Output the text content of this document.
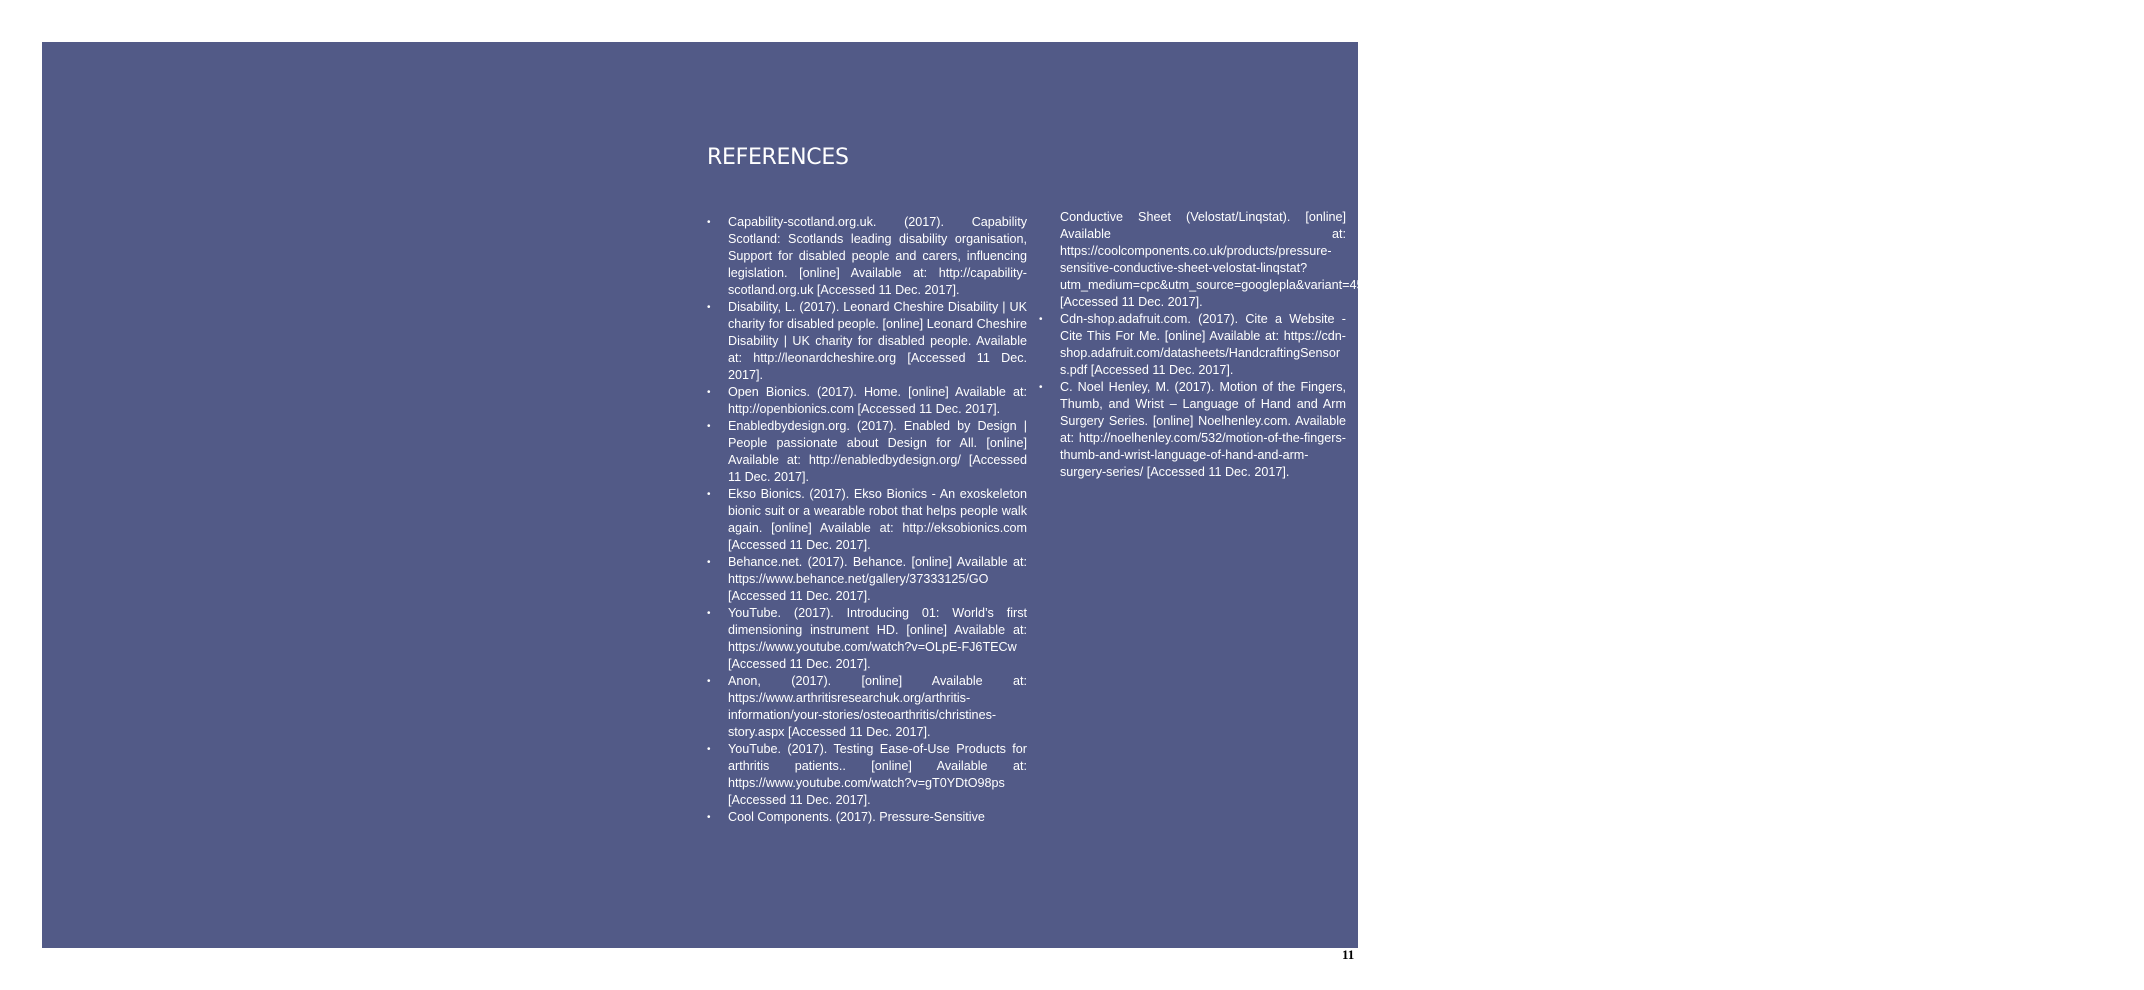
REFERENCES
• Capability-scotland.org.uk. (2017). Capability Scotland: Scotlands leading disability organisation, Support for disabled people and carers, influencing legislation. [online] Available at: http://capability-scotland.org.uk [Accessed 11 Dec. 2017].
• Disability, L. (2017). Leonard Cheshire Disability | UK charity for disabled people. [online] Leonard Cheshire Disability | UK charity for disabled people. Available at: http://leonardcheshire.org [Accessed 11 Dec. 2017].
• Open Bionics. (2017). Home. [online] Available at: http://openbionics.com [Accessed 11 Dec. 2017].
• Enabledbydesign.org. (2017). Enabled by Design | People passionate about Design for All. [online] Available at: http://enabledbydesign.org/ [Accessed 11 Dec. 2017].
• Ekso Bionics. (2017). Ekso Bionics - An exoskeleton bionic suit or a wearable robot that helps people walk again. [online] Available at: http://eksobionics.com [Accessed 11 Dec. 2017].
• Behance.net. (2017). Behance. [online] Available at: https://www.behance.net/gallery/37333125/GO [Accessed 11 Dec. 2017].
• YouTube. (2017). Introducing 01: World’s first dimensioning instrument HD. [online] Available at: https://www.youtube.com/watch?v=OLpE-FJ6TECw [Accessed 11 Dec. 2017].
• Anon, (2017). [online] Available at: https://www.arthritisresearchuk.org/arthritis-information/your-stories/osteoarthritis/christines-story.aspx [Accessed 11 Dec. 2017].
• YouTube. (2017). Testing Ease-of-Use Products for arthritis patients.. [online] Available at: https://www.youtube.com/watch?v=gT0YDtO98ps [Accessed 11 Dec. 2017].
• Cool Components. (2017). Pressure-Sensitive
Conductive Sheet (Velostat/Linqstat). [online] Available at: https://coolcomponents.co.uk/products/pressure-sensitive-conductive-sheet-velostat-linqstat?utm_medium=cpc&utm_source=googlepla&variant=45222917774&gclid=CjwKCAjwj8bPBRBiEiwASlFLFfOwGP7JZezIWRfds2atTAYaD0xvmCRkwjoUXS0Zi95NBSMsFQq_kBoCWcwQAvD_BwE [Accessed 11 Dec. 2017].
• Cdn-shop.adafruit.com. (2017). Cite a Website - Cite This For Me. [online] Available at: https://cdn-shop.adafruit.com/datasheets/HandcraftingSensors.pdf [Accessed 11 Dec. 2017].
• C. Noel Henley, M. (2017). Motion of the Fingers, Thumb, and Wrist – Language of Hand and Arm Surgery Series. [online] Noelhenley.com. Available at: http://noelhenley.com/532/motion-of-the-fingers-thumb-and-wrist-language-of-hand-and-arm-surgery-series/ [Accessed 11 Dec. 2017].
11
